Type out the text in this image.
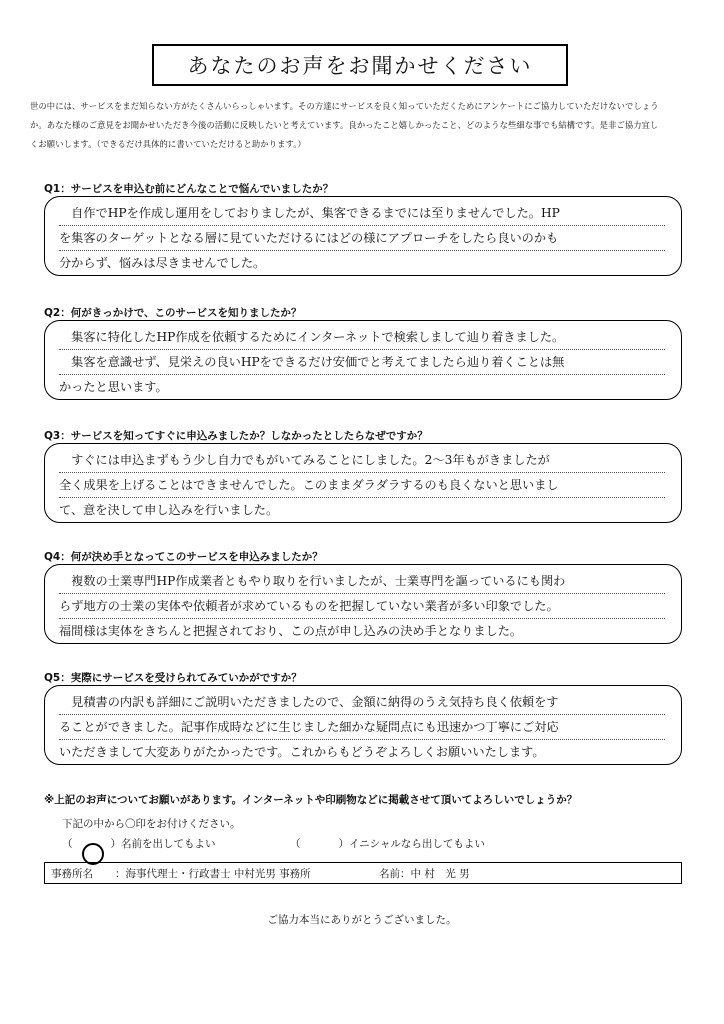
あなたのお声をお聞かせください
世の中には、サービスをまだ知らない方がたくさんいらっしゃいます。その方達にサービスを良く知っていただくためにアンケートにご協力していただけないでしょう
か。あなた様のご意見をお聞かせいただき今後の活動に反映したいと考えています。良かったこと嬉しかったこと、どのような些細な事でも結構です。是非ご協力宜し
くお願いします。（できるだけ具体的に書いていただけると助かります。）
Q1：サービスを申込む前にどんなことで悩んでいましたか？
　自作でHPを作成し運用をしておりましたが、集客できるまでには至りませんでした。HP
を集客のターゲットとなる層に見ていただけるにはどの様にアプローチをしたら良いのかも
分からず、悩みは尽きませんでした。
Q2：何がきっかけで、このサービスを知りましたか？
　集客に特化したHP作成を依頼するためにインターネットで検索しまして辿り着きました。
　集客を意識せず、見栄えの良いHPをできるだけ安価でと考えてましたら辿り着くことは無
かったと思います。
Q3：サービスを知ってすぐに申込みましたか？しなかったとしたらなぜですか？
　すぐには申込まずもう少し自力でもがいてみることにしました。2～3年もがきましたが
全く成果を上げることはできませんでした。このままダラダラするのも良くないと思いまし
て、意を決して申し込みを行いました。
Q4：何が決め手となってこのサービスを申込みましたか？
　複数の士業専門HP作成業者ともやり取りを行いましたが、士業専門を謳っているにも関わ
らず地方の士業の実体や依頼者が求めているものを把握していない業者が多い印象でした。
福間様は実体をきちんと把握されており、この点が申し込みの決め手となりました。
Q5：実際にサービスを受けられてみていかがですか？
　見積書の内訳も詳細にご説明いただきましたので、金額に納得のうえ気持ち良く依頼をす
ることができました。記事作成時などに生じました細かな疑問点にも迅速かつ丁寧にご対応
いただきまして大変ありがたかったです。これからもどうぞよろしくお願いいたします。
※上記のお声についてお願いがあります。インターネットや印刷物などに掲載させて頂いてよろしいでしょうか？
下記の中から〇印をお付けください。
（	）名前を出してもよい	（	）イニシャルなら出してもよい
事務所名	：海事代理士・行政書士 中村光男 事務所	名前：中 村　光 男
ご協力本当にありがとうございました。
